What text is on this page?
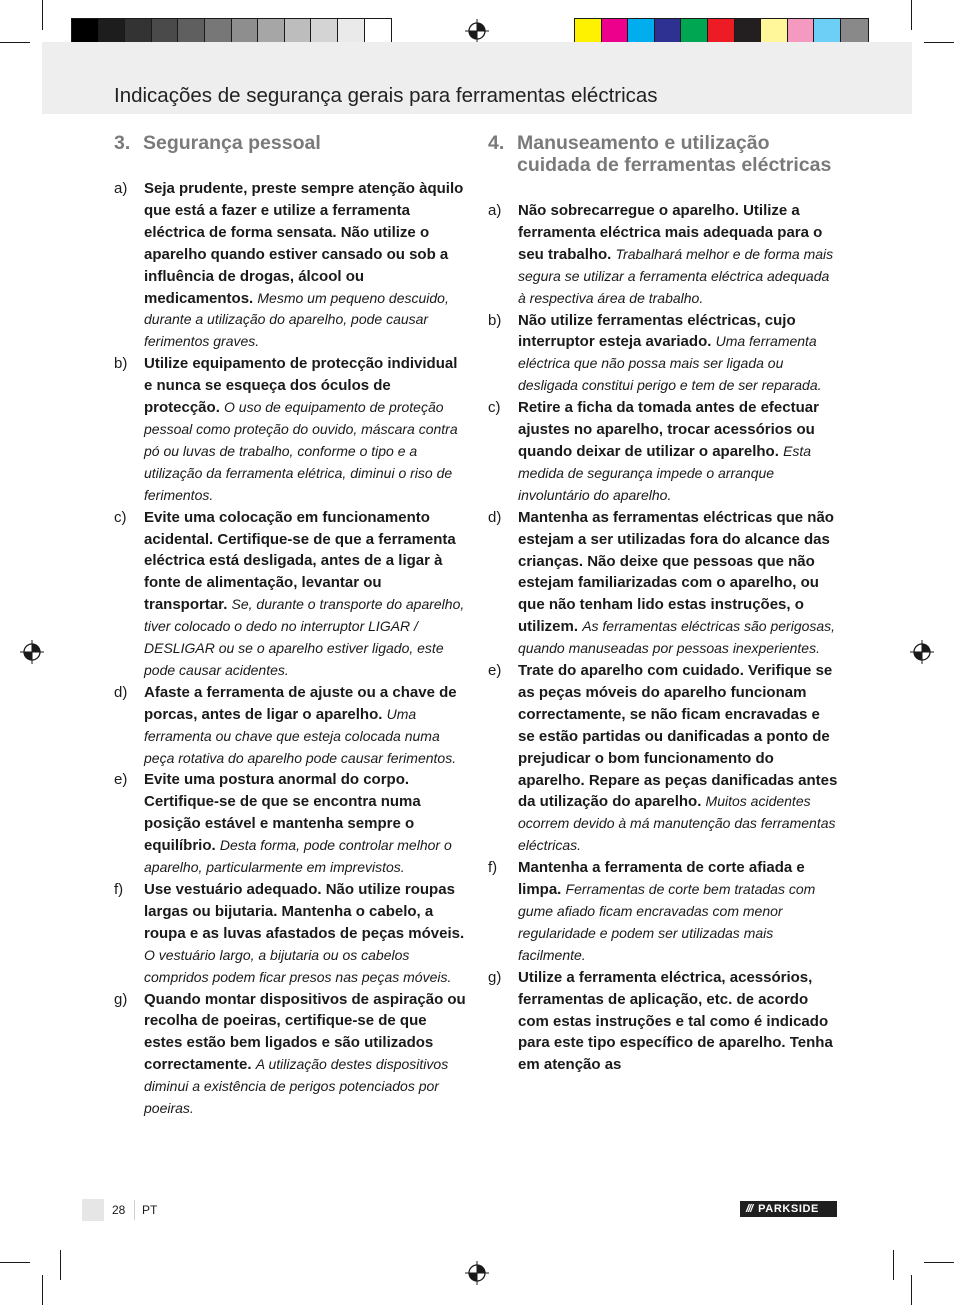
Indicações de segurança gerais para ferramentas eléctricas
3. Segurança pessoal
a)	Seja prudente, preste sempre atenção àquilo que está a fazer e utilize a ferramenta eléctrica de forma sensata. Não utilize o aparelho quando estiver cansado ou sob a influência de drogas, álcool ou medicamentos. Mesmo um pequeno descuido, durante a utilização do aparelho, pode causar ferimentos graves.
b)	Utilize equipamento de protecção individual e nunca se esqueça dos óculos de protecção. O uso de equipamento de proteção pessoal como proteção do ouvido, máscara contra pó ou luvas de trabalho, conforme o tipo e a utilização da ferramenta elétrica, diminui o riso de ferimentos.
c)	Evite uma colocação em funcionamento acidental. Certifique-se de que a ferramenta eléctrica está desligada, antes de a ligar à fonte de alimentação, levantar ou transportar. Se, durante o transporte do aparelho, tiver colocado o dedo no interruptor LIGAR / DESLIGAR ou se o aparelho estiver ligado, este pode causar acidentes.
d)	Afaste a ferramenta de ajuste ou a chave de porcas, antes de ligar o aparelho. Uma ferramenta ou chave que esteja colocada numa peça rotativa do aparelho pode causar ferimentos.
e)	Evite uma postura anormal do corpo. Certifique-se de que se encontra numa posição estável e mantenha sempre o equilíbrio. Desta forma, pode controlar melhor o aparelho, particularmente em imprevistos.
f)	Use vestuário adequado. Não utilize roupas largas ou bijutaria. Mantenha o cabelo, a roupa e as luvas afastados de peças móveis. O vestuário largo, a bijutaria ou os cabelos compridos podem ficar presos nas peças móveis.
g)	Quando montar dispositivos de aspiração ou recolha de poeiras, certifique-se de que estes estão bem ligados e são utilizados correctamente. A utilização destes dispositivos diminui a existência de perigos potenciados por poeiras.
4. Manuseamento e utilização cuidada de ferramentas eléctricas
a)	Não sobrecarregue o aparelho. Utilize a ferramenta eléctrica mais adequada para o seu trabalho. Trabalhará melhor e de forma mais segura se utilizar a ferramenta eléctrica adequada à respectiva área de trabalho.
b)	Não utilize ferramentas eléctricas, cujo interruptor esteja avariado. Uma ferramenta eléctrica que não possa mais ser ligada ou desligada constitui perigo e tem de ser reparada.
c)	Retire a ficha da tomada antes de efectuar ajustes no aparelho, trocar acessórios ou quando deixar de utilizar o aparelho. Esta medida de segurança impede o arranque involuntário do aparelho.
d)	Mantenha as ferramentas eléctricas que não estejam a ser utilizadas fora do alcance das crianças. Não deixe que pessoas que não estejam familiarizadas com o aparelho, ou que não tenham lido estas instruções, o utilizem. As ferramentas eléctricas são perigosas, quando manuseadas por pessoas inexperientes.
e)	Trate do aparelho com cuidado. Verifique se as peças móveis do aparelho funcionam correctamente, se não ficam encravadas e se estão partidas ou danificadas a ponto de prejudicar o bom funcionamento do aparelho. Repare as peças danificadas antes da utilização do aparelho. Muitos acidentes ocorrem devido à má manutenção das ferramentas eléctricas.
f)	Mantenha a ferramenta de corte afiada e limpa. Ferramentas de corte bem tratadas com gume afiado ficam encravadas com menor regularidade e podem ser utilizadas mais facilmente.
g)	Utilize a ferramenta eléctrica, acessórios, ferramentas de aplicação, etc. de acordo com estas instruções e tal como é indicado para este tipo específico de aparelho. Tenha em atenção as
28 PT	/// PARKSIDE
